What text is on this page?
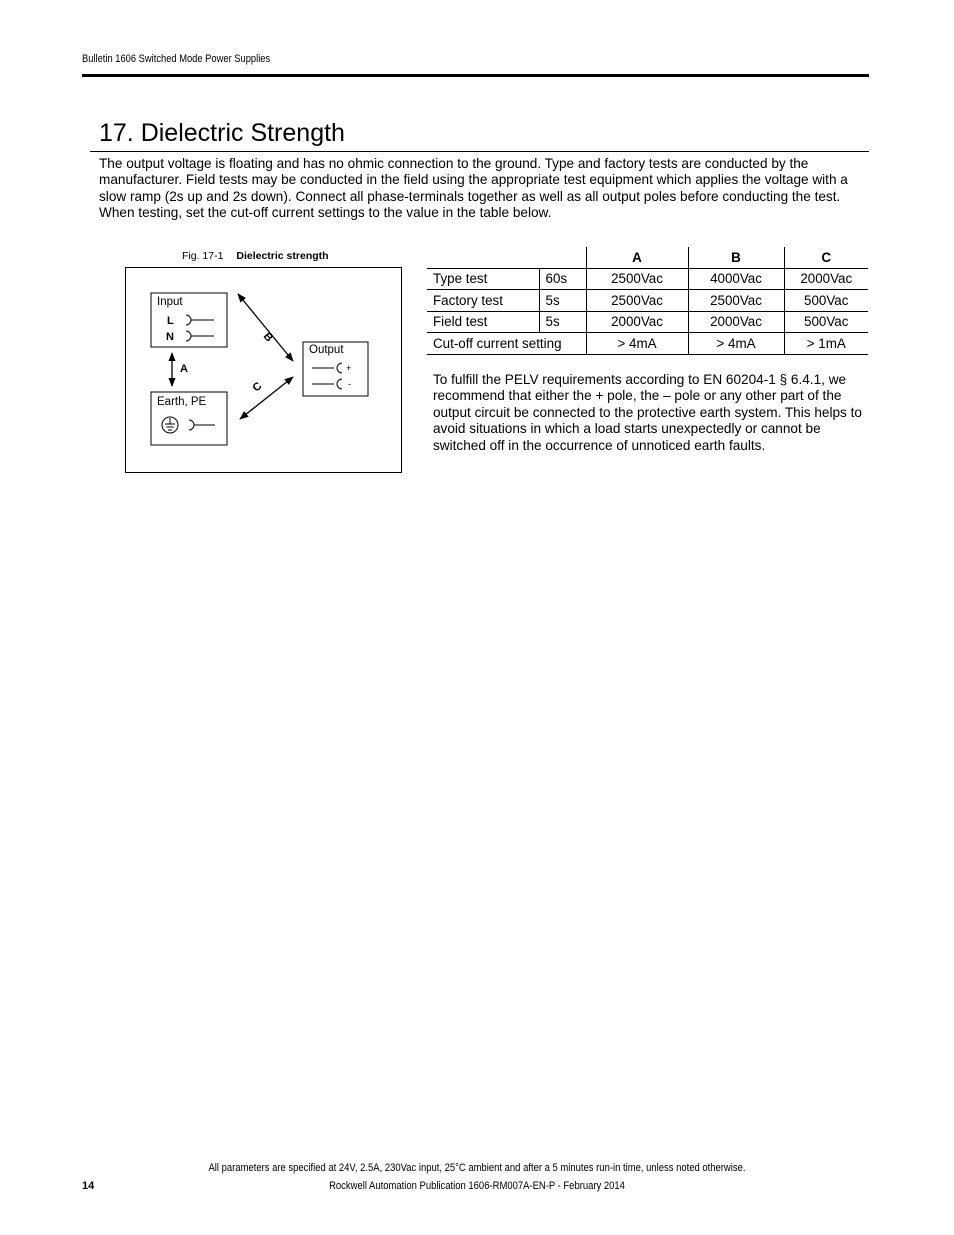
Bulletin 1606 Switched Mode Power Supplies
17. Dielectric Strength

The output voltage is floating and has no ohmic connection to the ground. Type and factory tests are conducted by the manufacturer. Field tests may be conducted in the field using the appropriate test equipment which applies the voltage with a slow ramp (2s up and 2s down). Connect all phase-terminals together as well as all output poles before conducting the test. When testing, set the cut-off current settings to the value in the table below.

Fig. 17-1 Dielectric strength
Input
L
N
Earth, PE
Output
+
-
A
B
C
		A	B	C
Type test	60s	2500Vac	4000Vac	2000Vac
Factory test	5s	2500Vac	2500Vac	500Vac
Field test	5s	2000Vac	2000Vac	500Vac
Cut-off current setting		> 4mA	> 4mA	> 1mA

To fulfill the PELV requirements according to EN 60204-1 § 6.4.1, we recommend that either the + pole, the – pole or any other part of the output circuit be connected to the protective earth system. This helps to avoid situations in which a load starts unexpectedly or cannot be switched off in the occurrence of unnoticed earth faults.

All parameters are specified at 24V, 2.5A, 230Vac input, 25°C ambient and after a 5 minutes run-in time, unless noted otherwise.
14	Rockwell Automation Publication 1606-RM007A-EN-P - February 2014
